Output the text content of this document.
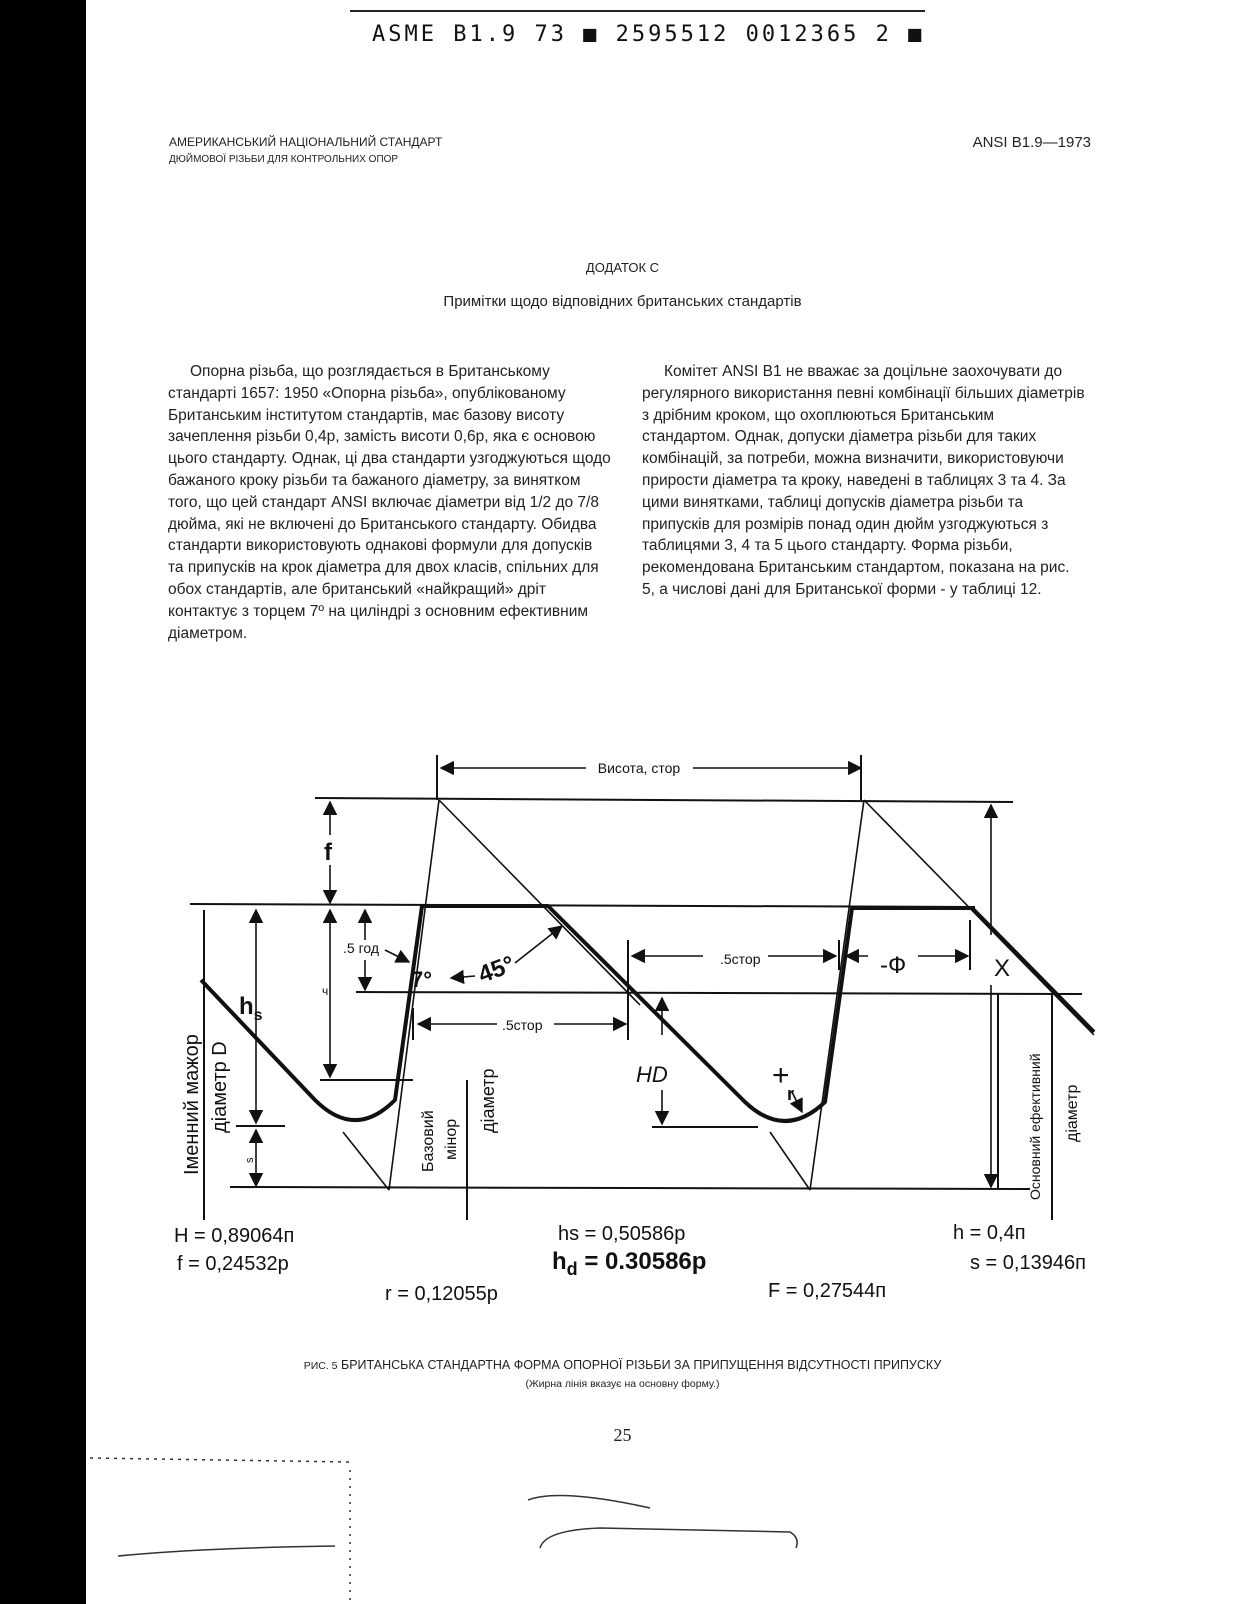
ASME B1.9 73 ■ 2595512 0012365 2 ■
АМЕРИКАНСЬКИЙ НАЦІОНАЛЬНИЙ СТАНДАРТ
ДЮЙМОВОЇ РІЗЬБИ ДЛЯ КОНТРОЛЬНИХ ОПОР
ANSI B1.9—1973
ДОДАТОК С
Примітки щодо відповідних британських стандартів

Опорна різьба, що розглядається в Британському стандарті 1657: 1950 «Опорна різьба», опублікованому Британським інститутом стандартів, має базову висоту зачеплення різьби 0,4p, замість висоти 0,6p, яка є основою цього стандарту. Однак, ці два стандарти узгоджуються щодо бажаного кроку різьби та бажаного діаметру, за винятком того, що цей стандарт ANSI включає діаметри від 1/2 до 7/8 дюйма, які не включені до Британського стандарту. Обидва стандарти використовують однакові формули для допусків та припусків на крок діаметра для двох класів, спільних для обох стандартів, але британський «найкращий» дріт контактує з торцем 7º на циліндрі з основним ефективним діаметром.

Комітет ANSI B1 не вважає за доцільне заохочувати до регулярного використання певні комбінації більших діаметрів з дрібним кроком, що охоплюються Британським стандартом. Однак, допуски діаметра різьби для таких комбінацій, за потреби, можна визначити, використовуючи прирости діаметра та кроку, наведені в таблицях 3 та 4. За цими винятками, таблиці допусків діаметра різьби та припусків для розмірів понад один дюйм узгоджуються з таблицями 3, 4 та 5 цього стандарту. Форма різьби, рекомендована Британським стандартом, показана на рис. 5, а числові дані для Британської форми - у таблиці 12.

Висота, стор
f
.5 год
ч	7° 45°
$h_s$
.5стор
.5стор	-Ф	X
HD	+
r
s
Іменний мажор діаметр D
Базовий мінор
діаметр	Основний ефективний діаметр
H = 0,89064п
f = 0,24532p
hs = 0,50586p
$h_d = 0.30586p$
h = 0,4п
s = 0,13946п
r = 0,12055p	F = 0,27544п
РИС. 5 БРИТАНСЬКА СТАНДАРТНА ФОРМА ОПОРНОЇ РІЗЬБИ ЗА ПРИПУЩЕННЯ ВІДСУТНОСТІ ПРИПУСКУ
(Жирна лінія вказує на основну форму.)
25
